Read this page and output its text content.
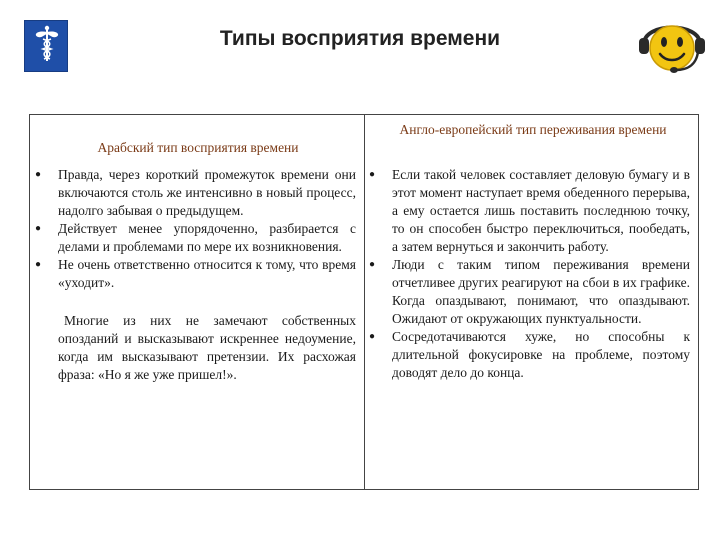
Типы восприятия времени
Арабский тип восприятия времени
Англо-европейский тип переживания времени
● Правда, через короткий промежуток времени они включаются столь же интенсивно в новый процесс, надолго забывая о предыдущем.
● Действует менее упорядоченно, разбирается с делами и проблемами по мере их возникновения.
● Не очень ответственно относится к тому, что время «уходит».

Многие из них не замечают собственных опозданий и высказывают искреннее недоумение, когда им высказывают претензии. Их расхожая фраза: «Но я же уже пришел!».

● Если такой человек составляет деловую бумагу и в этот момент наступает время обеденного перерыва, а ему остается лишь поставить последнюю точку, то он способен быстро переключиться, пообедать, а затем вернуться и закончить работу.
● Люди с таким типом переживания времени отчетливее других реагируют на сбои в их графике. Когда опаздывают, понимают, что опаздывают. Ожидают от окружающих пунктуальности.
● Сосредотачиваются хуже, но способны к длительной фокусировке на проблеме, поэтому доводят дело до конца.
